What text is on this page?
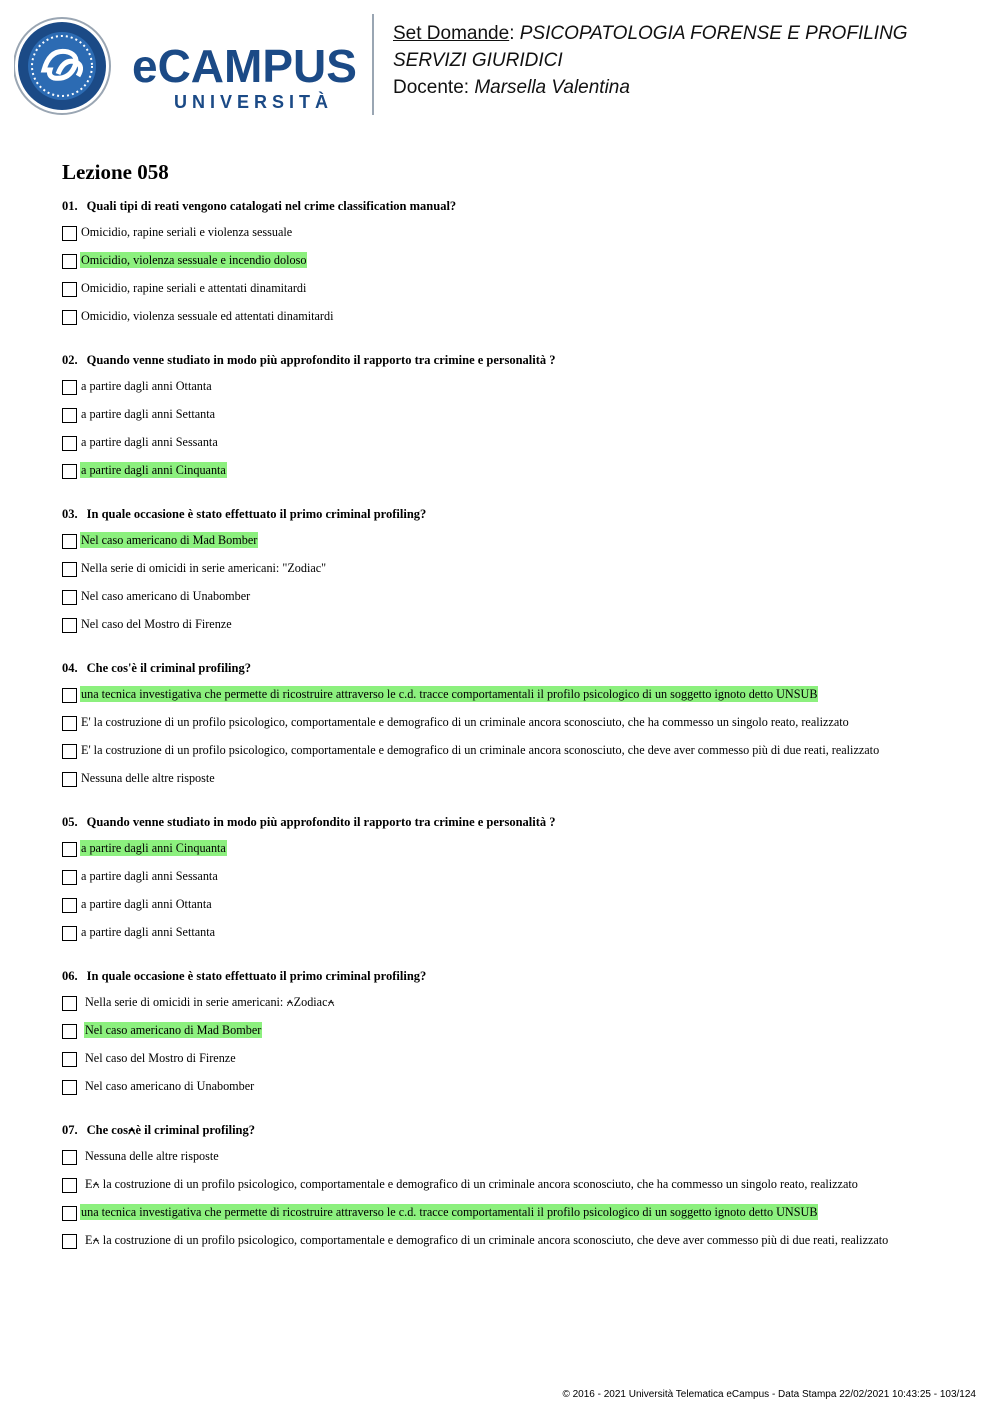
eCAMPUS
UNIVERSITÀ
Set Domande: PSICOPATOLOGIA FORENSE E PROFILING
SERVIZI GIURIDICI
Docente: Marsella Valentina
Lezione 058
01. Quali tipi di reati vengono catalogati nel crime classification manual?
Omicidio, rapine seriali e violenza sessuale
Omicidio, violenza sessuale e incendio doloso
Omicidio, rapine seriali e attentati dinamitardi
Omicidio, violenza sessuale ed attentati dinamitardi
02. Quando venne studiato in modo più approfondito il rapporto tra crimine e personalità ?
a partire dagli anni Ottanta
a partire dagli anni Settanta
a partire dagli anni Sessanta
a partire dagli anni Cinquanta
03. In quale occasione è stato effettuato il primo criminal profiling?
Nel caso americano di Mad Bomber
Nella serie di omicidi in serie americani: "Zodiac"
Nel caso americano di Unabomber
Nel caso del Mostro di Firenze
04. Che cos'è il criminal profiling?
una tecnica investigativa che permette di ricostruire attraverso le c.d. tracce comportamentali il profilo psicologico di un soggetto ignoto detto UNSUB
E' la costruzione di un profilo psicologico, comportamentale e demografico di un criminale ancora sconosciuto, che ha commesso un singolo reato, realizzato
E' la costruzione di un profilo psicologico, comportamentale e demografico di un criminale ancora sconosciuto, che deve aver commesso più di due reati, realizzato
Nessuna delle altre risposte
05. Quando venne studiato in modo più approfondito il rapporto tra crimine e personalità ?
a partire dagli anni Cinquanta
a partire dagli anni Sessanta
a partire dagli anni Ottanta
a partire dagli anni Settanta
06. In quale occasione è stato effettuato il primo criminal profiling?
Nella serie di omicidi in serie americani: ⍲Zodiac⍲
Nel caso americano di Mad Bomber
Nel caso del Mostro di Firenze
Nel caso americano di Unabomber
07. Che cos⍲è il criminal profiling?
Nessuna delle altre risposte
E⍲ la costruzione di un profilo psicologico, comportamentale e demografico di un criminale ancora sconosciuto, che ha commesso un singolo reato, realizzato
una tecnica investigativa che permette di ricostruire attraverso le c.d. tracce comportamentali il profilo psicologico di un soggetto ignoto detto UNSUB
E⍲ la costruzione di un profilo psicologico, comportamentale e demografico di un criminale ancora sconosciuto, che deve aver commesso più di due reati, realizzato
© 2016 - 2021 Università Telematica eCampus - Data Stampa 22/02/2021 10:43:25 - 103/124
